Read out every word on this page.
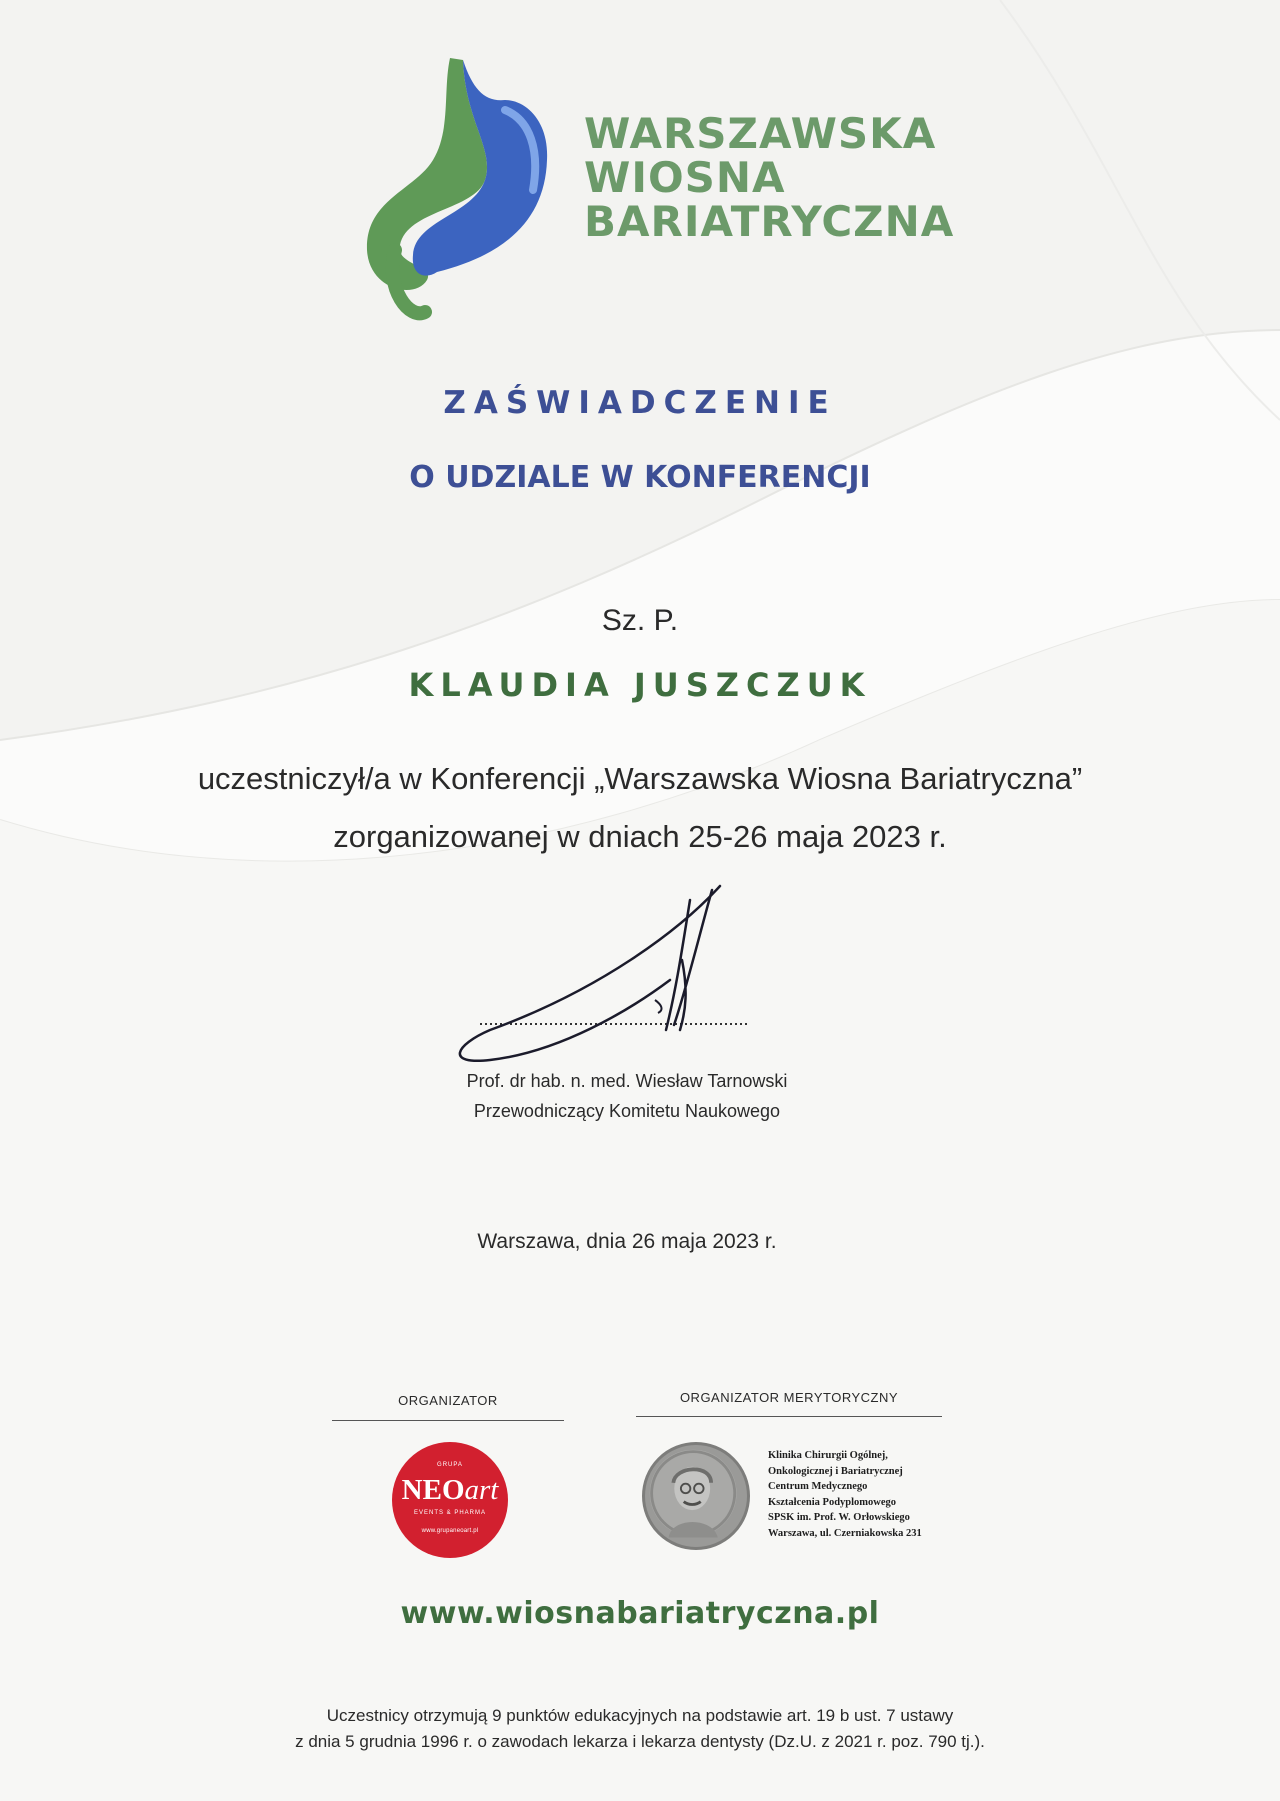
WARSZAWSKA
WIOSNA
BARIATRYCZNA
ZAŚWIADCZENIE
O UDZIALE W KONFERENCJI
Sz. P.
KLAUDIA JUSZCZUK
uczestniczył/a w Konferencji „Warszawska Wiosna Bariatryczna”
zorganizowanej w dniach 25-26 maja 2023 r.
Prof. dr hab. n. med. Wiesław Tarnowski
Przewodniczący Komitetu Naukowego
Warszawa, dnia 26 maja 2023 r.
ORGANIZATOR	ORGANIZATOR MERYTORYCZNY
GRUPA
NEOart
EVENTS & PHARMA
www.grupaneoart.pl
Klinika Chirurgii Ogólnej,
Onkologicznej i Bariatrycznej
Centrum Medycznego
Kształcenia Podyplomowego
SPSK im. Prof. W. Orłowskiego
Warszawa, ul. Czerniakowska 231
www.wiosnabariatryczna.pl
Uczestnicy otrzymują 9 punktów edukacyjnych na podstawie art. 19 b ust. 7 ustawy
z dnia 5 grudnia 1996 r. o zawodach lekarza i lekarza dentysty (Dz.U. z 2021 r. poz. 790 tj.).
